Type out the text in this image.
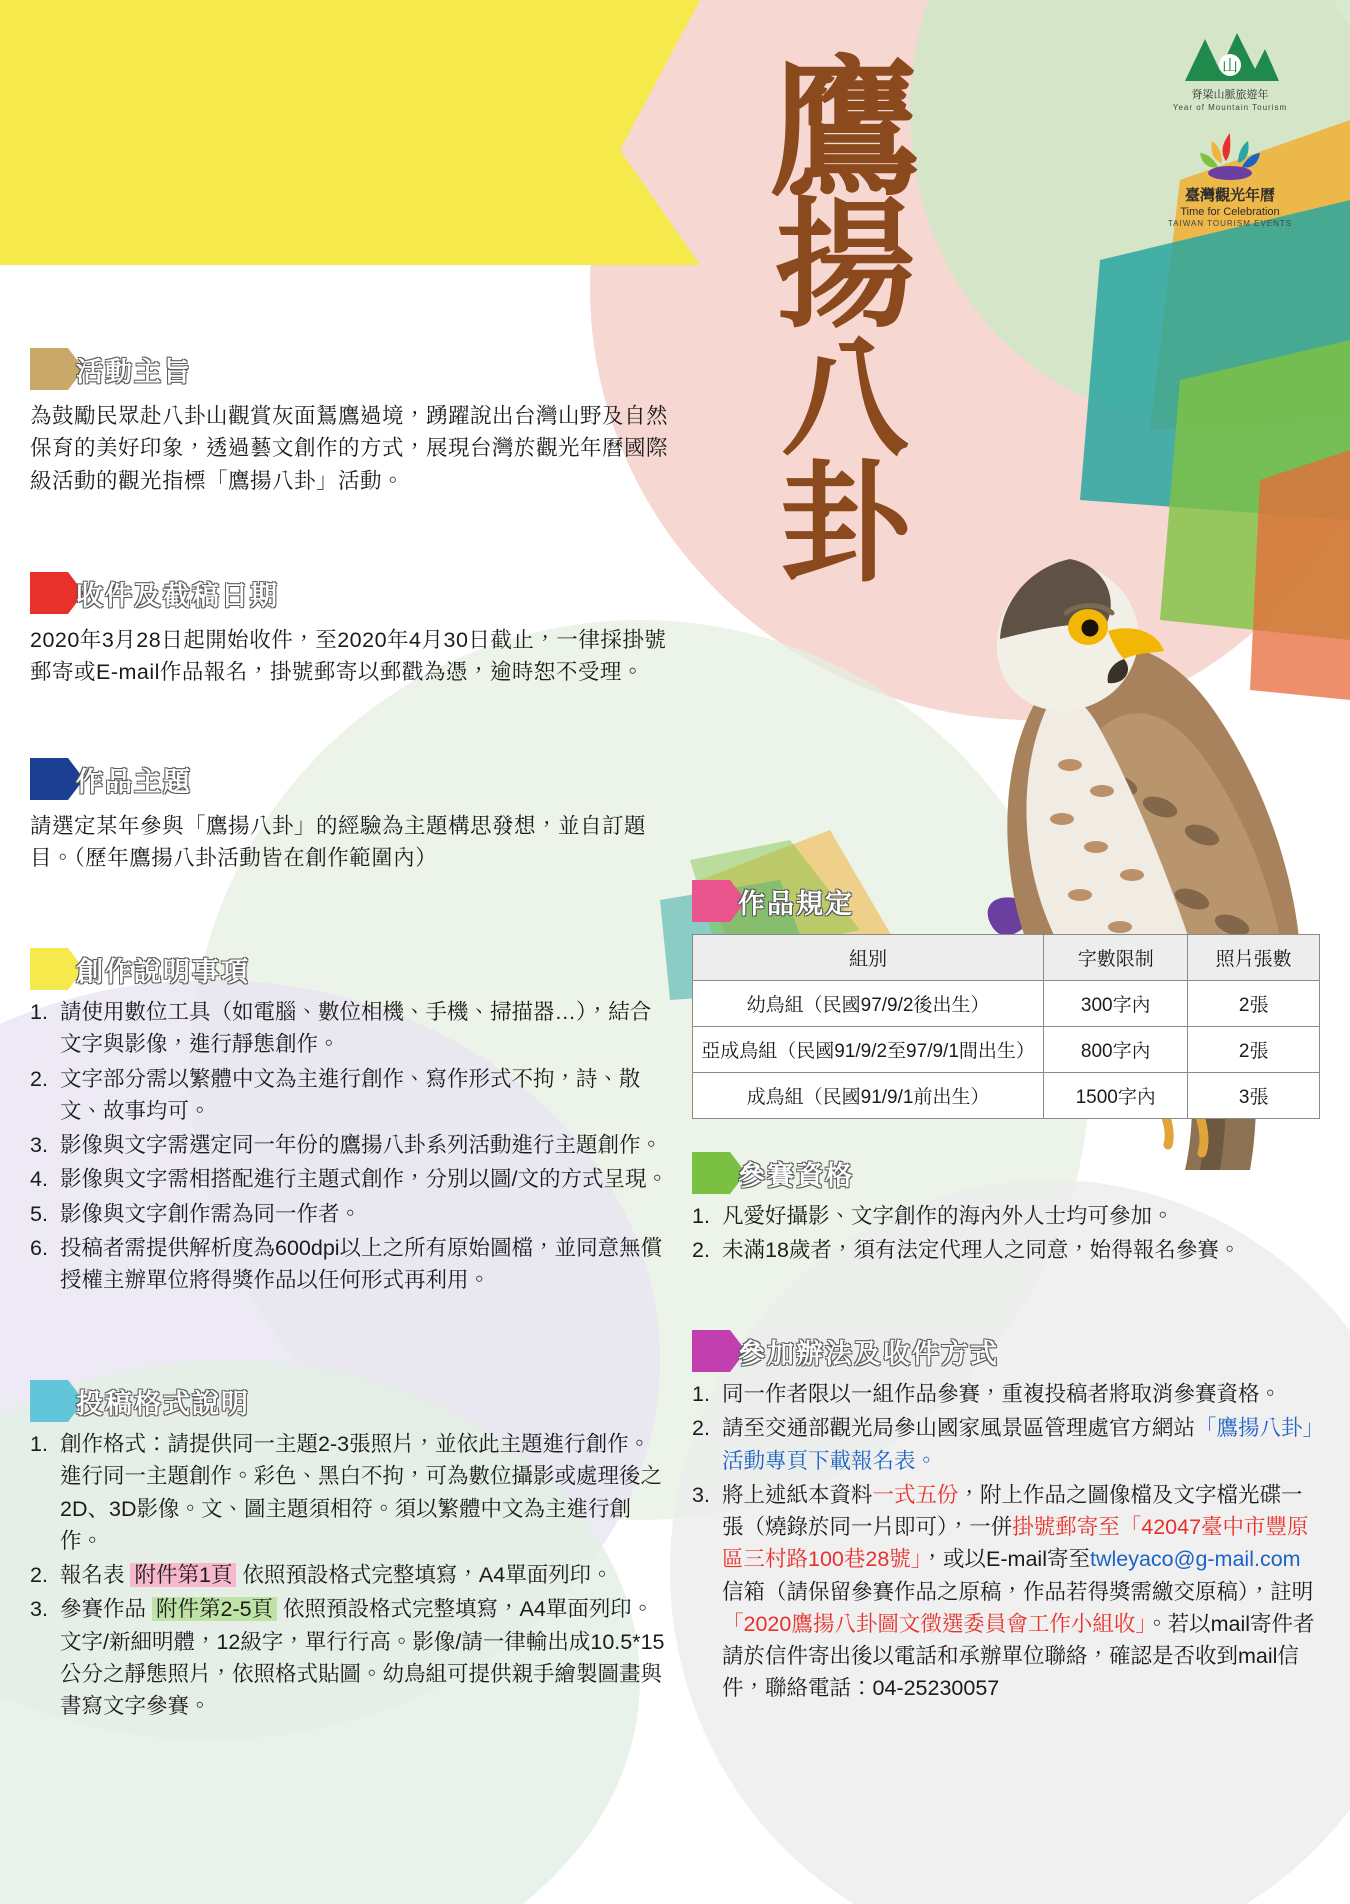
鷹
揚
八
卦
山
脊梁山脈旅遊年
Year of Mountain Tourism
臺灣觀光年曆
Time for Celebration
TAIWAN TOURISM EVENTS
活動主旨
為鼓勵民眾赴八卦山觀賞灰面鵟鷹過境，踴躍說出台灣山野及自然保育的美好印象，透過藝文創作的方式，展現台灣於觀光年曆國際級活動的觀光指標「鷹揚八卦」活動。
收件及截稿日期
2020年3月28日起開始收件，至2020年4月30日截止，一律採掛號郵寄或E-mail作品報名，掛號郵寄以郵戳為憑，逾時恕不受理。
作品主題
請選定某年參與「鷹揚八卦」的經驗為主題構思發想，並自訂題目。（歷年鷹揚八卦活動皆在創作範圍內）
創作說明事項
請使用數位工具（如電腦、數位相機、手機、掃描器…），結合文字與影像，進行靜態創作。
文字部分需以繁體中文為主進行創作、寫作形式不拘，詩、散文、故事均可。
影像與文字需選定同一年份的鷹揚八卦系列活動進行主題創作。
影像與文字需相搭配進行主題式創作，分別以圖/文的方式呈現。
影像與文字創作需為同一作者。
投稿者需提供解析度為600dpi以上之所有原始圖檔，並同意無償授權主辦單位將得獎作品以任何形式再利用。
投稿格式說明
創作格式：請提供同一主題2-3張照片，並依此主題進行創作。進行同一主題創作。彩色、黑白不拘，可為數位攝影或處理後之2D、3D影像。文、圖主題須相符。須以繁體中文為主進行創作。
報名表 附件第1頁 依照預設格式完整填寫，A4單面列印。
參賽作品 附件第2-5頁 依照預設格式完整填寫，A4單面列印。文字/新細明體，12級字，單行行高。影像/請一律輸出成10.5*15公分之靜態照片，依照格式貼圖。幼鳥組可提供親手繪製圖畫與書寫文字參賽。
作品規定
組別	字數限制	照片張數
幼鳥組（民國97/9/2後出生）	300字內	2張
亞成鳥組（民國91/9/2至97/9/1間出生）	800字內	2張
成鳥組（民國91/9/1前出生）	1500字內	3張
參賽資格
凡愛好攝影、文字創作的海內外人士均可參加。
未滿18歲者，須有法定代理人之同意，始得報名參賽。
參加辦法及收件方式
同一作者限以一組作品參賽，重複投稿者將取消參賽資格。
請至交通部觀光局參山國家風景區管理處官方網站「鷹揚八卦」活動專頁下載報名表。
將上述紙本資料一式五份，附上作品之圖像檔及文字檔光碟一張（燒錄於同一片即可），一併掛號郵寄至「42047臺中市豐原區三村路100巷28號」，或以E-mail寄至twleyaco@g-mail.com信箱（請保留參賽作品之原稿，作品若得獎需繳交原稿），註明「2020鷹揚八卦圖文徵選委員會工作小組收」。若以mail寄件者請於信件寄出後以電話和承辦單位聯絡，確認是否收到mail信件，聯絡電話：04-25230057
